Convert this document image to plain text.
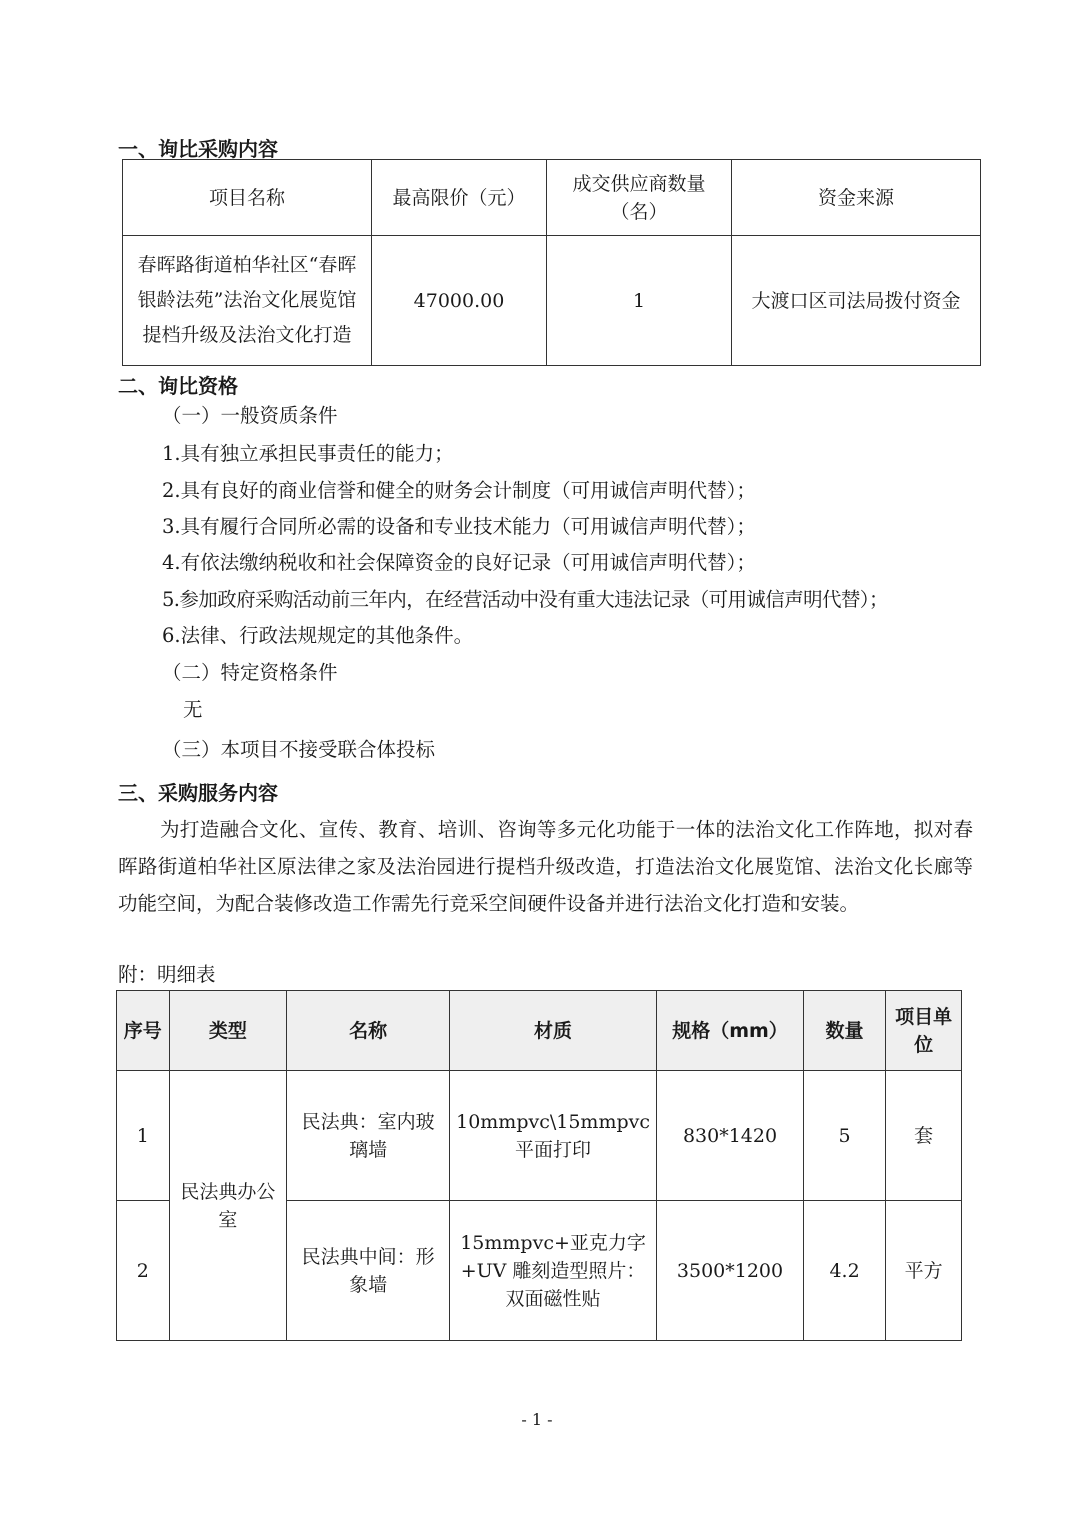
一、询比采购内容
项目名称	最高限价（元）	成交供应商数量（名）	资金来源
春晖路街道柏华社区“春晖银龄法苑”法治文化展览馆提档升级及法治文化打造	47000.00	1	大渡口区司法局拨付资金
二、询比资格
（一）一般资质条件
1.具有独立承担民事责任的能力；
2.具有良好的商业信誉和健全的财务会计制度（可用诚信声明代替）；
3.具有履行合同所必需的设备和专业技术能力（可用诚信声明代替）；
4.有依法缴纳税收和社会保障资金的良好记录（可用诚信声明代替）；
5.参加政府采购活动前三年内，在经营活动中没有重大违法记录（可用诚信声明代替）；
6.法律、行政法规规定的其他条件。
（二）特定资格条件
无
（三）本项目不接受联合体投标
三、采购服务内容
为打造融合文化、宣传、教育、培训、咨询等多元化功能于一体的法治文化工作阵地，拟对春晖路街道柏华社区原法律之家及法治园进行提档升级改造，打造法治文化展览馆、法治文化长廊等功能空间，为配合装修改造工作需先行竞采空间硬件设备并进行法治文化打造和安装。
附：明细表
序号	类型	名称	材质	规格（mm）	数量	项目单位
1	民法典办公室	民法典：室内玻璃墙	10mmpvc\15mmpvc平面打印	830*1420	5	套
2		民法典中间：形象墙	15mmpvc+亚克力字+UV 雕刻造型照片：双面磁性贴	3500*1200	4.2	平方
- 1 -
